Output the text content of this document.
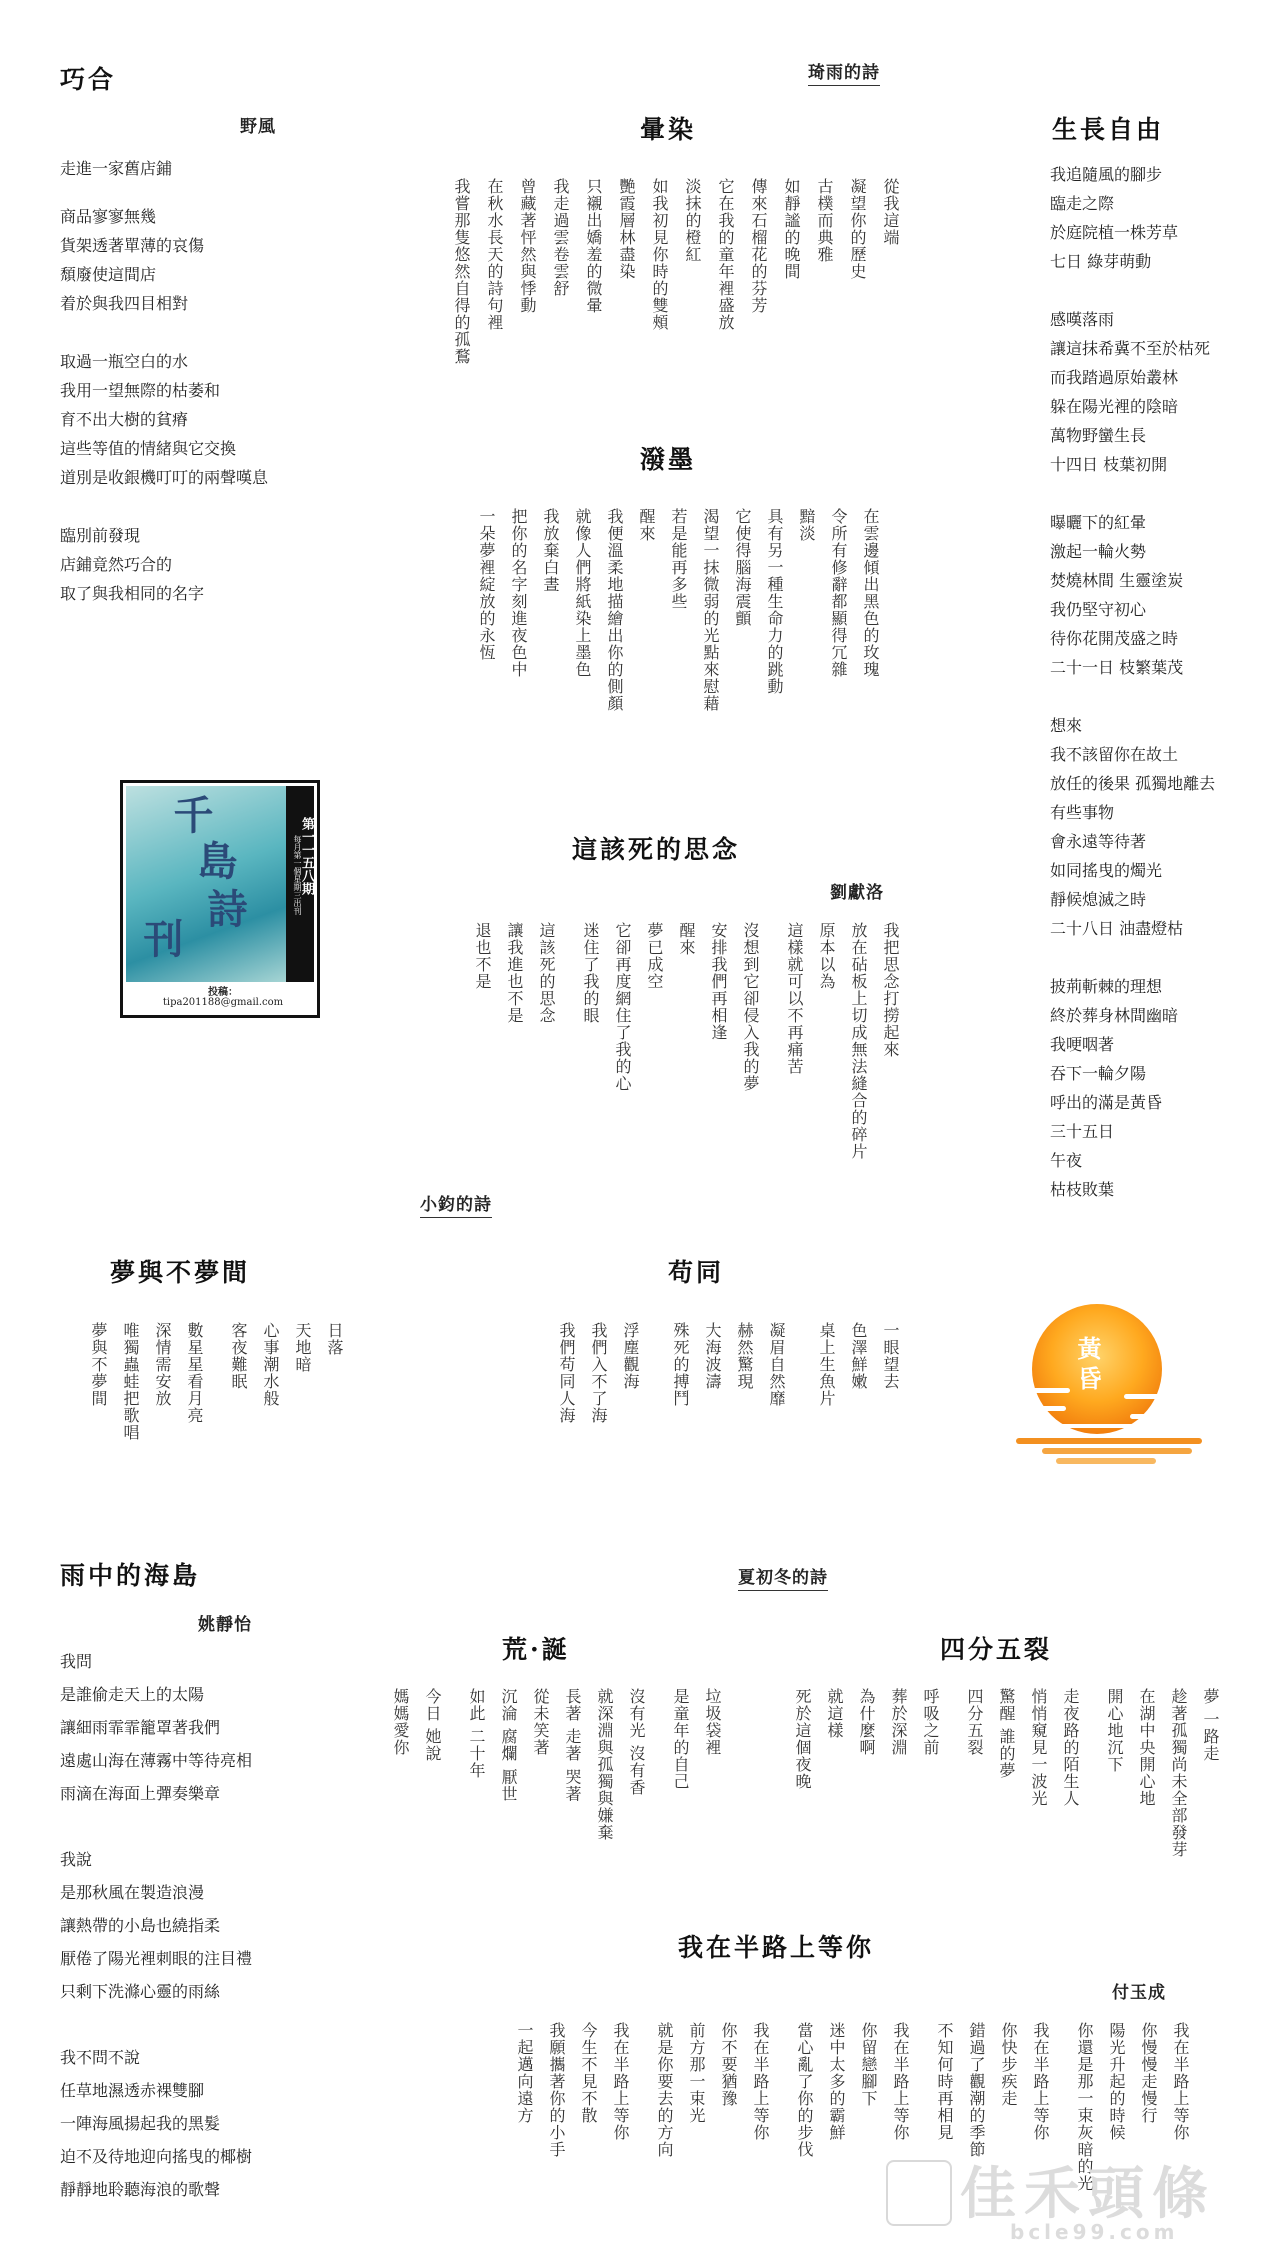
巧合
野風
走進一家舊店鋪
商品寥寥無幾
貨架透著單薄的哀傷
頹廢使這間店
着於與我四目相對
取過一瓶空白的水
我用一望無際的枯萎和
育不出大樹的貧瘠
這些等值的情緒與它交換
道別是收銀機叮叮的兩聲嘆息
臨別前發現
店鋪竟然巧合的
取了與我相同的名字
琦雨的詩
暈染
從我這端
凝望你的歷史
古樸而典雅
如靜謐的晚間
傳來石榴花的芬芳
它在我的童年裡盛放
淡抹的橙紅
如我初見你時的雙頰
艷霞層林盡染
只襯出嬌羞的微暈
我走過雲卷雲舒
曾藏著怦然與悸動
在秋水長天的詩句裡
我嘗那隻悠然自得的孤鶩
潑墨
在雲邊傾出黑色的玫瑰
令所有修辭都顯得冗雜
黯淡
具有另一種生命力的跳動
它使得腦海震顫
渴望一抹微弱的光點來慰藉
若是能再多些
醒來
我便溫柔地描繪出你的側顏
就像人們將紙染上墨色
我放棄白晝
把你的名字刻進夜色中
一朵夢裡綻放的永恆
生長自由
我追隨風的腳步
臨走之際
於庭院植一株芳草
七日 綠芽萌動
感嘆落雨
讓這抹希冀不至於枯死
而我踏過原始叢林
躲在陽光裡的陰暗
萬物野蠻生長
十四日 枝葉初開
曝曬下的紅暈
激起一輪火勢
焚燒林間 生靈塗炭
我仍堅守初心
待你花開茂盛之時
二十一日 枝繁葉茂
想來
我不該留你在故土
放任的後果 孤獨地離去
有些事物
會永遠等待著
如同搖曳的燭光
靜候熄滅之時
二十八日 油盡燈枯
披荊斬棘的理想
終於葬身林間幽暗
我哽咽著
吞下一輪夕陽
呼出的滿是黃昏
三十五日
午夜
枯枝敗葉
千
島
詩
刊
第一一五八期
每月第一個星期三出刊
投稿：
tipa201188@gmail.com
這該死的思念
劉獻洛
我把思念打撈起來
放在砧板上切成無法縫合的碎片
原本以為
這樣就可以不再痛苦
沒想到它卻侵入我的夢
安排我們再相逢
醒來
夢已成空
它卻再度網住了我的心
迷住了我的眼
這該死的思念
讓我進也不是
退也不是
小鈞的詩
夢與不夢間
日落
天地暗
心事潮水般
客夜難眠
數星星看月亮
深情需安放
唯獨蟲蛙把歌唱
夢與不夢間
苟同
一眼望去
色澤鮮嫩
桌上生魚片
凝眉自然靡
赫然驚現
大海波濤
殊死的搏鬥
浮塵觀海
我們入不了海
我們苟同人海	黃昏
雨中的海島
姚靜怡
我問
是誰偷走天上的太陽
讓細雨霏霏籠罩著我們
遠處山海在薄霧中等待亮相
雨滴在海面上彈奏樂章
我說
是那秋風在製造浪漫
讓熱帶的小島也繞指柔
厭倦了陽光裡刺眼的注目禮
只剩下洗滌心靈的雨絲
我不問不說
任草地濕透赤裸雙腳
一陣海風揚起我的黑髮
迫不及待地迎向搖曳的椰樹
靜靜地聆聽海浪的歌聲
夏初冬的詩
荒·誕
垃圾袋裡
是童年的自己
沒有光 沒有香
就深淵與孤獨與嫌棄
長著 走著 哭著
從未笑著
沉淪 腐爛 厭世
如此 二十年
今日 她說
媽媽愛你
四分五裂
夢 一路走
趁著孤獨尚未全部發芽
在湖中央開心地
開心地沉下
走夜路的陌生人
悄悄窺見一波光
驚醒 誰的夢
四分五裂
呼吸之前
葬於深淵
為什麼啊
就這樣
死於這個夜晚
我在半路上等你
付玉成
我在半路上等你
你慢慢走慢行
陽光升起的時候
你還是那一束灰暗的光
我在半路上等你
你快步疾走
錯過了觀潮的季節
不知何時再相見
我在半路上等你
你留戀腳下
迷中太多的霸鮮
當心亂了你的步伐
我在半路上等你
你不要猶豫
前方那一束光
就是你要去的方向
我在半路上等你
今生不見不散
我願攜著你的小手
一起邁向遠方
佳禾頭條
bcle99.com
